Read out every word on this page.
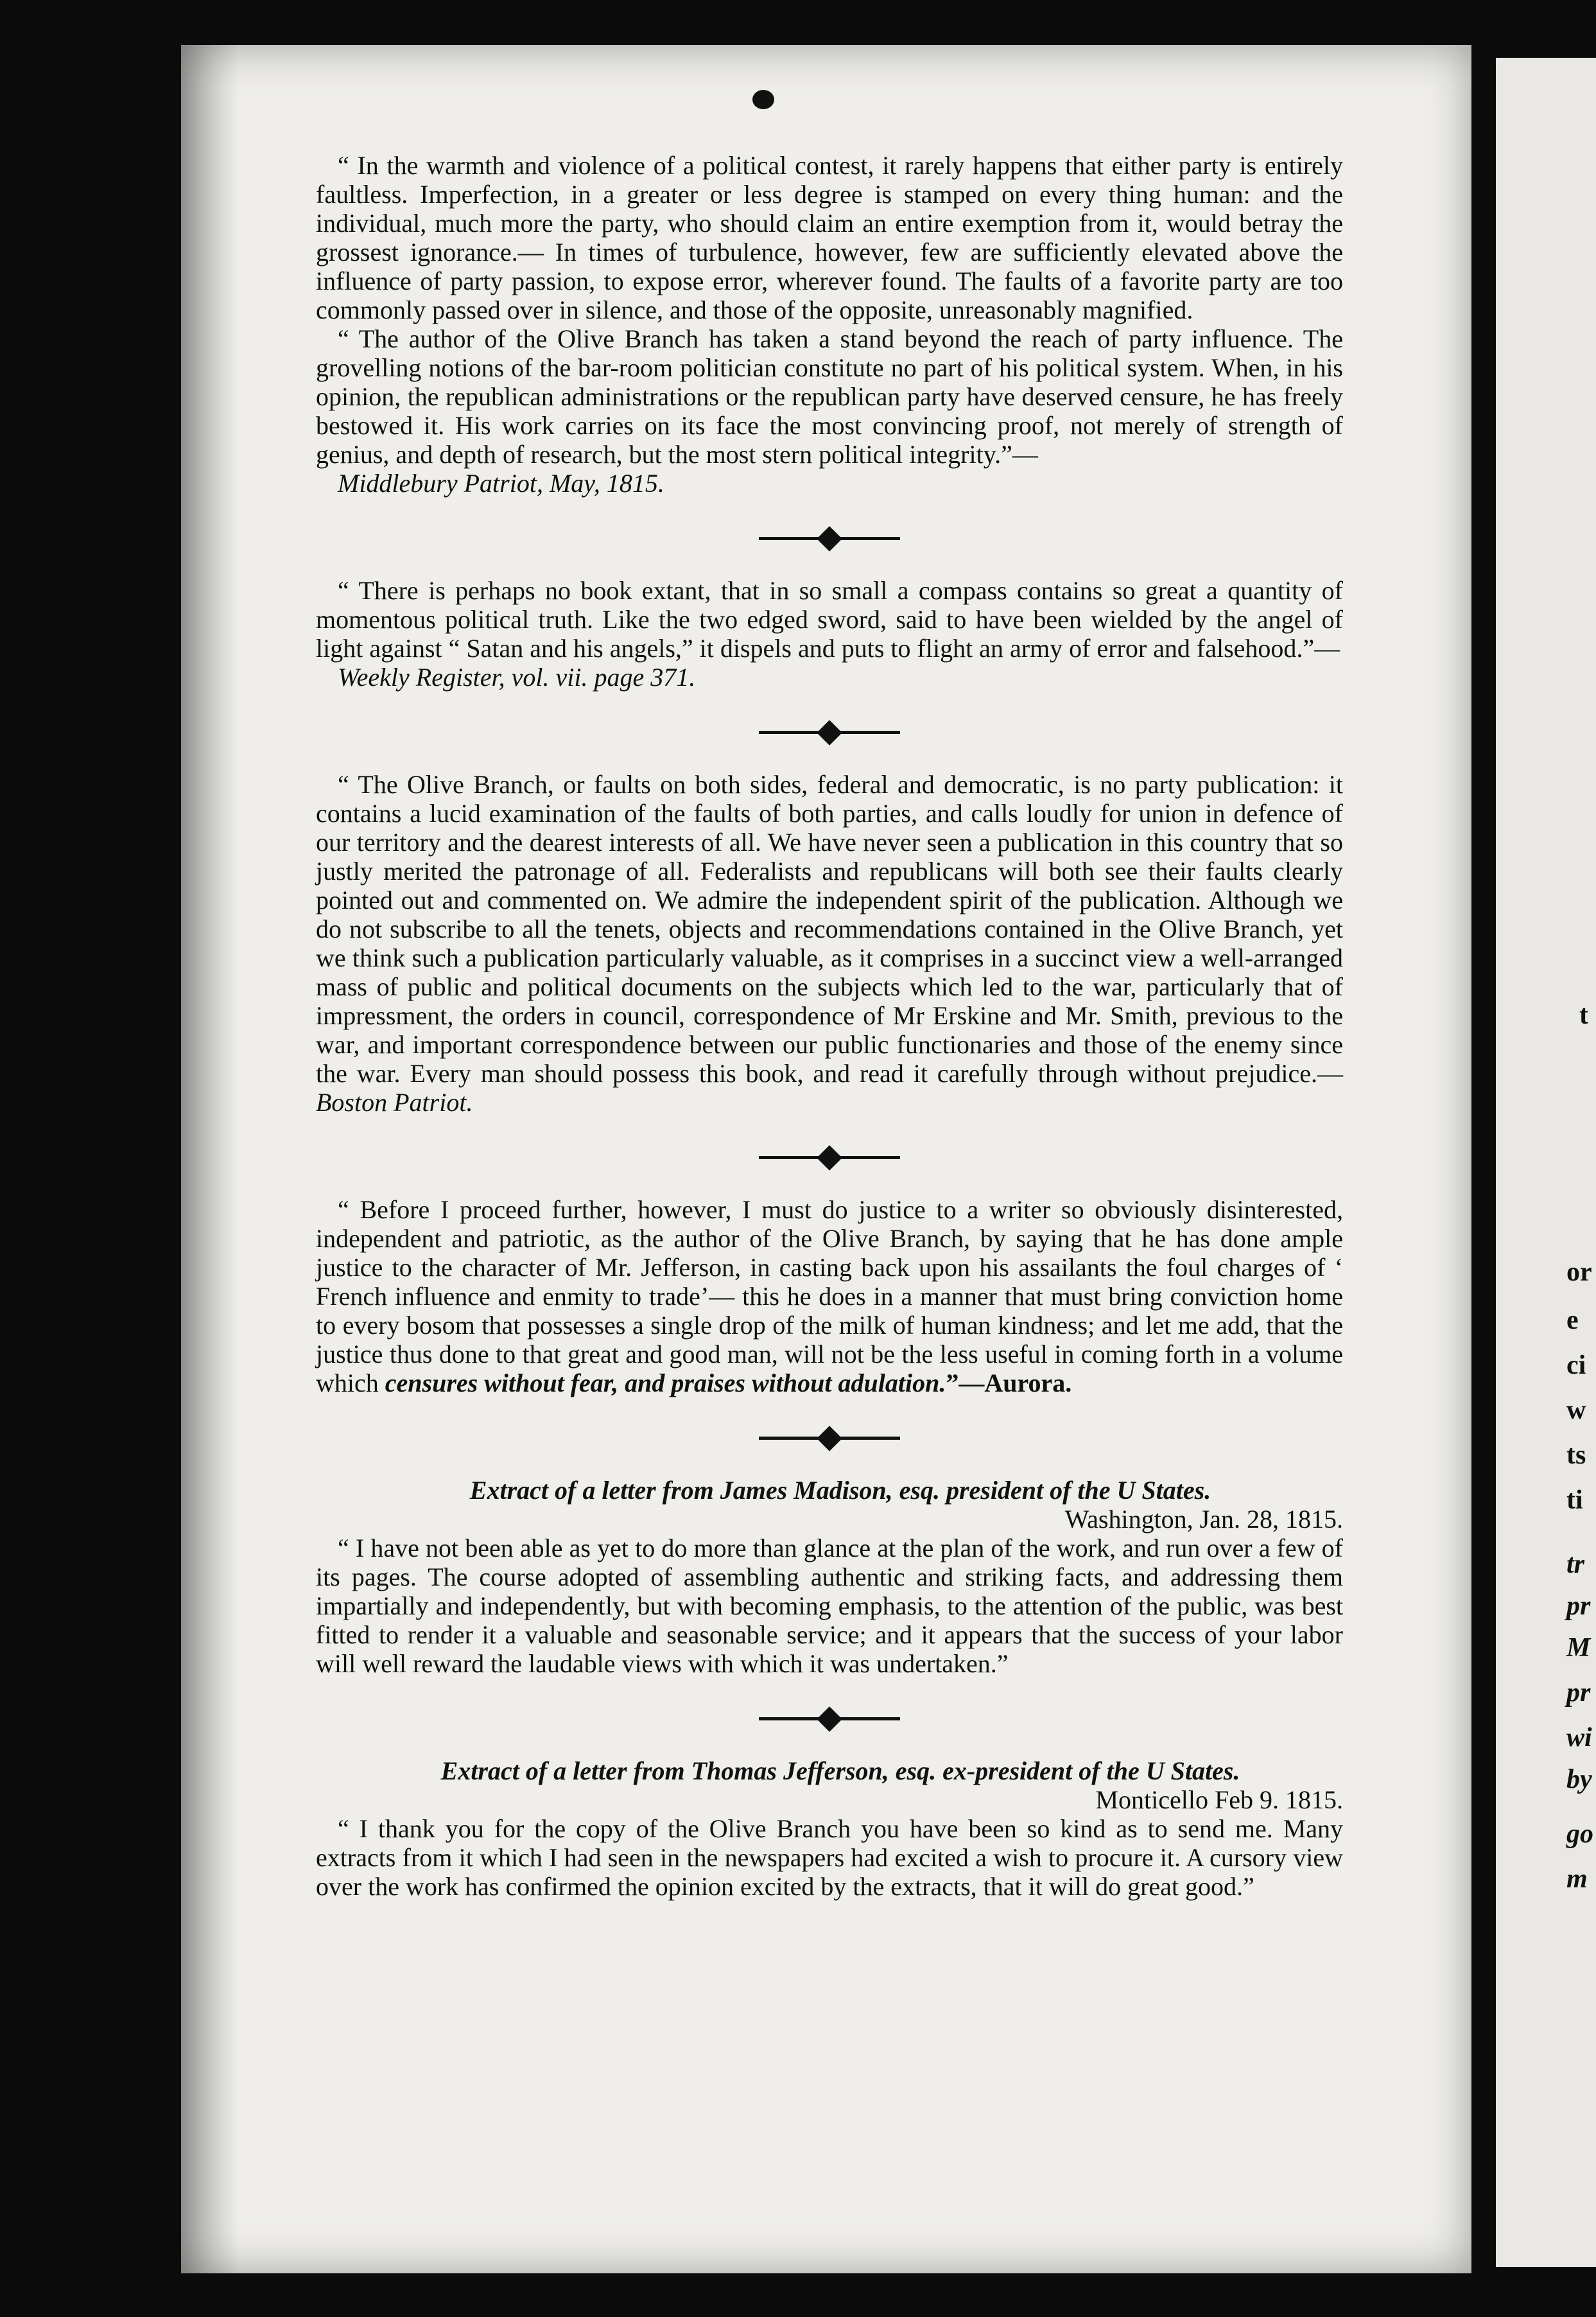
t
or
e
ci
w
ts
ti
tr
pr
M
pr
wi
by
go
m

“ In the warmth and violence of a political contest, it rarely happens that either party is entirely faultless. Imperfection, in a greater or less degree is stamped on every thing human: and the individual, much more the party, who should claim an entire exemption from it, would betray the grossest ignorance.— In times of turbulence, however, few are sufficiently elevated above the influence of party passion, to expose error, wherever found. The faults of a favorite party are too commonly passed over in silence, and those of the opposite, unreasonably magnified.

“ The author of the Olive Branch has taken a stand beyond the reach of party influence. The grovelling notions of the bar-room politician constitute no part of his political system. When, in his opinion, the republican administrations or the republican party have deserved censure, he has freely bestowed it. His work carries on its face the most convincing proof, not merely of strength of genius, and depth of research, but the most stern political integrity.”—
Middlebury Patriot, May, 1815.

“ There is perhaps no book extant, that in so small a compass contains so great a quantity of momentous political truth. Like the two edged sword, said to have been wielded by the angel of light against “ Satan and his angels,” it dispels and puts to flight an army of error and falsehood.”—
Weekly Register, vol. vii. page 371.

“ The Olive Branch, or faults on both sides, federal and democratic, is no party publication: it contains a lucid examination of the faults of both parties, and calls loudly for union in defence of our territory and the dearest interests of all. We have never seen a publication in this country that so justly merited the patronage of all. Federalists and republicans will both see their faults clearly pointed out and commented on. We admire the independent spirit of the publication. Although we do not subscribe to all the tenets, objects and recommendations contained in the Olive Branch, yet we think such a publication particularly valuable, as it comprises in a succinct view a well-arranged mass of public and political documents on the subjects which led to the war, particularly that of impressment, the orders in council, correspondence of Mr Erskine and Mr. Smith, previous to the war, and important correspondence between our public functionaries and those of the enemy since the war. Every man should possess this book, and read it carefully through without prejudice.—Boston Patriot.

“ Before I proceed further, however, I must do justice to a writer so obviously disinterested, independent and patriotic, as the author of the Olive Branch, by saying that he has done ample justice to the character of Mr. Jefferson, in casting back upon his assailants the foul charges of ‘ French influence and enmity to trade’— this he does in a manner that must bring conviction home to every bosom that possesses a single drop of the milk of human kindness; and let me add, that the justice thus done to that great and good man, will not be the less useful in coming forth in a volume which censures without fear, and praises without adulation.”—Aurora.

Extract of a letter from James Madison, esq. president of the U States.

Washington, Jan. 28, 1815.

“ I have not been able as yet to do more than glance at the plan of the work, and run over a few of its pages. The course adopted of assembling authentic and striking facts, and addressing them impartially and independently, but with becoming emphasis, to the attention of the public, was best fitted to render it a valuable and seasonable service; and it appears that the success of your labor will well reward the laudable views with which it was undertaken.”

Extract of a letter from Thomas Jefferson, esq. ex-president of the U States.

Monticello Feb 9. 1815.

“ I thank you for the copy of the Olive Branch you have been so kind as to send me. Many extracts from it which I had seen in the newspapers had excited a wish to procure it. A cursory view over the work has confirmed the opinion excited by the extracts, that it will do great good.”
